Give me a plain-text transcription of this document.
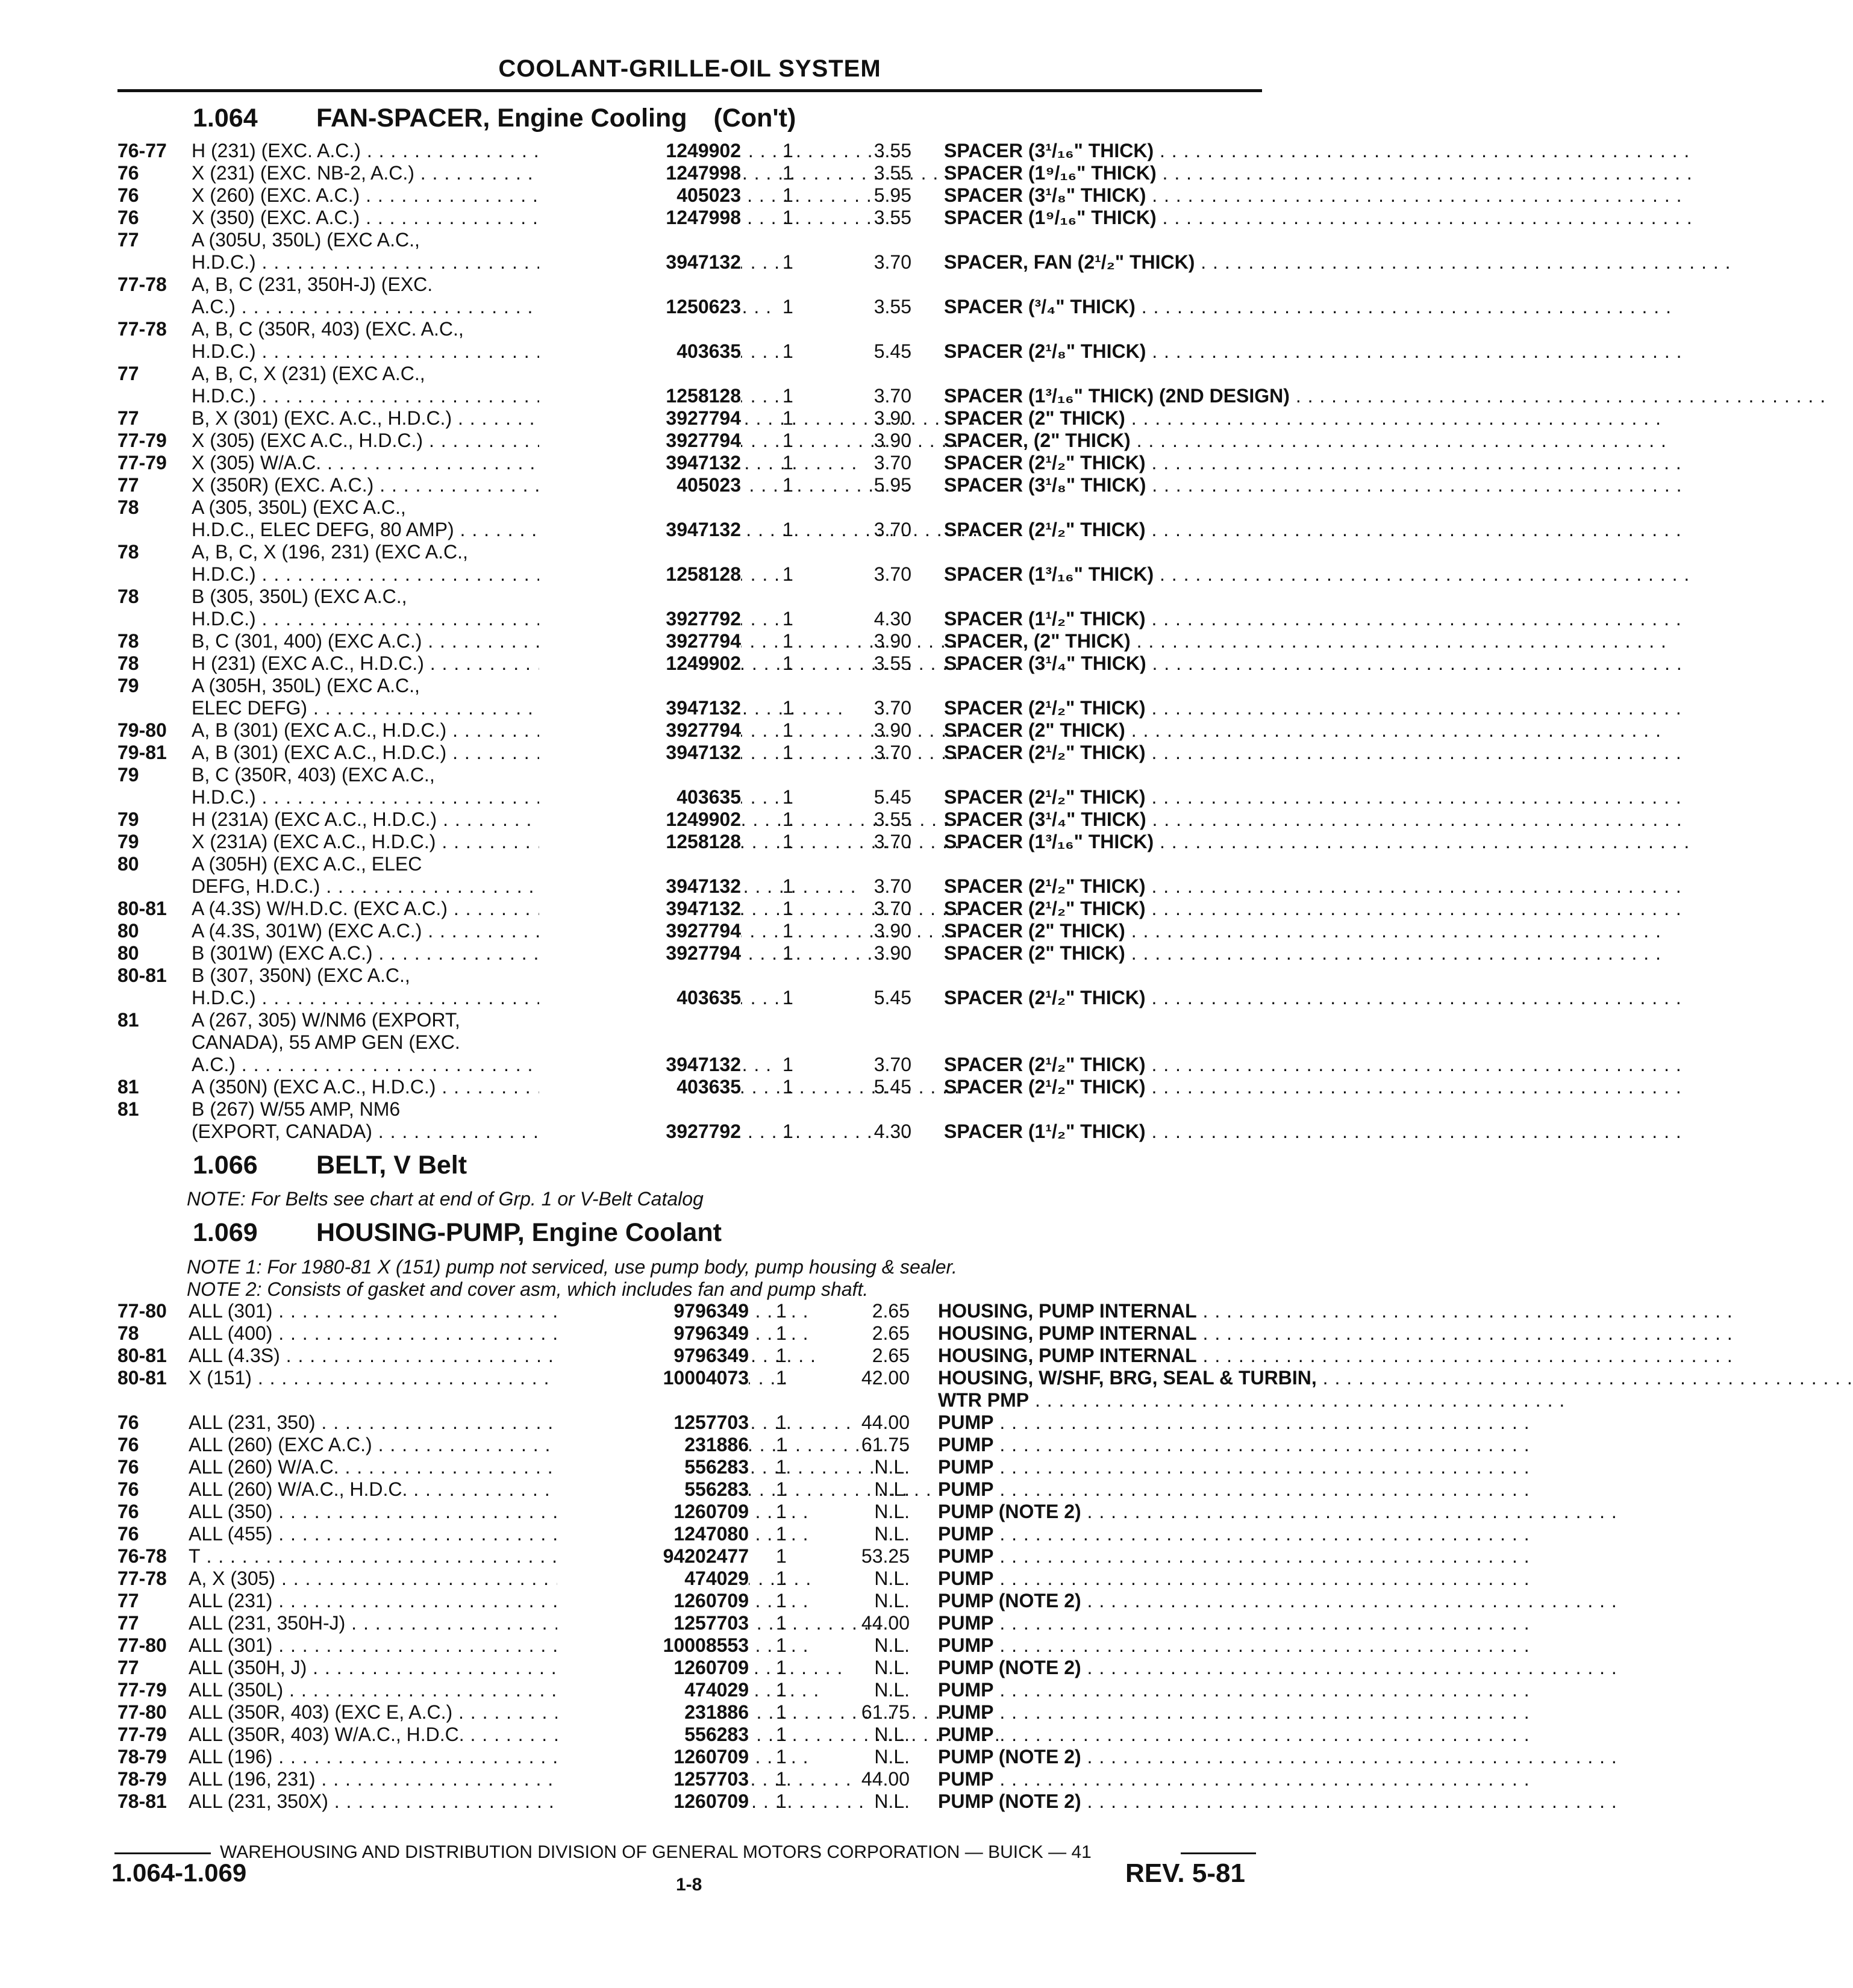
COOLANT-GRILLE-OIL SYSTEM
1.064 FAN-SPACER, Engine Cooling (Con't)
76-77 H (231) (EXC. A.C.) . . .	1249902 1	3.55 SPACER (3¹/₁₆" THICK) . . .
76	X (231) (EXC. NB-2, A.C.) . . .	1247998 1	3.55 SPACER (1⁹/₁₆" THICK) . . .
76	X (260) (EXC. A.C.) . . .	405023 1	5.95 SPACER (3¹/₈" THICK) . . .
76	X (350) (EXC. A.C.) . . .	1247998 1	3.55 SPACER (1⁹/₁₆" THICK) . . .
77	A (305U, 350L) (EXC A.C.,
H.D.C.) . . .	3947132 1	3.70 SPACER, FAN (2¹/₂" THICK) . . .
77-78 A, B, C (231, 350H-J) (EXC.
A.C.) . . .	1250623 1	3.55 SPACER (³/₄" THICK) . . .
77-78 A, B, C (350R, 403) (EXC. A.C.,
H.D.C.) . . .	403635 1	5.45 SPACER (2¹/₈" THICK) . . .
77	A, B, C, X (231) (EXC A.C.,
H.D.C.) . . .	1258128 1	3.70 SPACER (1³/₁₆" THICK) (2ND DESIGN) . . .
77	B, X (301) (EXC. A.C., H.D.C.) . . .	3927794 1	3.90 SPACER (2" THICK) . . .
77-79 X (305) (EXC A.C., H.D.C.) . . .	3927794 1	3.90 SPACER, (2" THICK) . . .
77-79 X (305) W/A.C. . . .	3947132 1	3.70 SPACER (2¹/₂" THICK) . . .
77	X (350R) (EXC. A.C.) . . .	405023 1	5.95 SPACER (3¹/₈" THICK) . . .
78	A (305, 350L) (EXC A.C.,
H.D.C., ELEC DEFG, 80 AMP) . . .	3947132 1	3.70 SPACER (2¹/₂" THICK) . . .
78	A, B, C, X (196, 231) (EXC A.C.,
H.D.C.) . . .	1258128 1	3.70 SPACER (1³/₁₆" THICK) . . .
78	B (305, 350L) (EXC A.C.,
H.D.C.) . . .	3927792 1	4.30 SPACER (1¹/₂" THICK) . . .
78	B, C (301, 400) (EXC A.C.) . . .	3927794 1	3.90 SPACER, (2" THICK) . . .
78	H (231) (EXC A.C., H.D.C.) . . .	1249902 1	3.55 SPACER (3¹/₄" THICK) . . .
79	A (305H, 350L) (EXC A.C.,
ELEC DEFG) . . .	3947132 1	3.70 SPACER (2¹/₂" THICK) . . .
79-80 A, B (301) (EXC A.C., H.D.C.) . . .	3927794 1	3.90 SPACER (2" THICK) . . .
79-81 A, B (301) (EXC A.C., H.D.C.) . . .	3947132 1	3.70 SPACER (2¹/₂" THICK) . . .
79	B, C (350R, 403) (EXC A.C.,
H.D.C.) . . .	403635 1	5.45 SPACER (2¹/₂" THICK) . . .
79	H (231A) (EXC A.C., H.D.C.) . . .	1249902 1	3.55 SPACER (3¹/₄" THICK) . . .
79	X (231A) (EXC A.C., H.D.C.) . . .	1258128 1	3.70 SPACER (1³/₁₆" THICK) . . .
80	A (305H) (EXC A.C., ELEC
DEFG, H.D.C.) . . .	3947132 1	3.70 SPACER (2¹/₂" THICK) . . .
80-81 A (4.3S) W/H.D.C. (EXC A.C.) . . .	3947132 1	3.70 SPACER (2¹/₂" THICK) . . .
80	A (4.3S, 301W) (EXC A.C.) . . .	3927794 1	3.90 SPACER (2" THICK) . . .
80	B (301W) (EXC A.C.) . . .	3927794 1	3.90 SPACER (2" THICK) . . .
80-81 B (307, 350N) (EXC A.C.,
H.D.C.) . . .	403635 1	5.45 SPACER (2¹/₂" THICK) . . .
81	A (267, 305) W/NM6 (EXPORT,
CANADA), 55 AMP GEN (EXC.
A.C.) . . .	3947132 1	3.70 SPACER (2¹/₂" THICK) . . .
81	A (350N) (EXC A.C., H.D.C.) . . .	403635 1	5.45 SPACER (2¹/₂" THICK) . . .
81	B (267) W/55 AMP, NM6
(EXPORT, CANADA) . . .	3927792 1	4.30 SPACER (1¹/₂" THICK) . . .
1.066 BELT, V Belt
NOTE: For Belts see chart at end of Grp. 1 or V-Belt Catalog
1.069 HOUSING-PUMP, Engine Coolant
NOTE 1: For 1980-81 X (151) pump not serviced, use pump body, pump housing & sealer.
NOTE 2: Consists of gasket and cover asm, which includes fan and pump shaft.
77-80 ALL (301) . . .	9796349 1	2.65 HOUSING, PUMP INTERNAL . . .
78	ALL (400) . . .	9796349 1	2.65 HOUSING, PUMP INTERNAL . . .
80-81 ALL (4.3S) . . .	9796349 1	2.65 HOUSING, PUMP INTERNAL . . .
80-81 X (151) . . .	10004073 1	42.00 HOUSING, W/SHF, BRG, SEAL & TURBIN, . . .
WTR PMP . . .
76	ALL (231, 350) . . .	1257703 1	44.00 PUMP . . .
76	ALL (260) (EXC A.C.) . . .	231886 1	61.75 PUMP . . .
76	ALL (260) W/A.C. . . .	556283 1	N.L. PUMP . . .
76	ALL (260) W/A.C., H.D.C. . . .	556283 1	N.L. PUMP . . .
76	ALL (350) . . .	1260709 1	N.L. PUMP (NOTE 2) . . .
76	ALL (455) . . .	1247080 1	N.L. PUMP . . .
76-78 T . . .	94202477 1	53.25 PUMP . . .
77-78 A, X (305) . . .	474029 1	N.L. PUMP . . .
77	ALL (231) . . .	1260709 1	N.L. PUMP (NOTE 2) . . .
77	ALL (231, 350H-J) . . .	1257703 1	44.00 PUMP . . .
77-80 ALL (301) . . .	10008553 1	N.L. PUMP . . .
77	ALL (350H, J) . . .	1260709 1	N.L. PUMP (NOTE 2) . . .
77-79 ALL (350L) . . .	474029 1	N.L. PUMP . . .
77-80 ALL (350R, 403) (EXC E, A.C.) . . .	231886 1	61.75 PUMP . . .
77-79 ALL (350R, 403) W/A.C., H.D.C. . . .	556283 1	N.L. PUMP . . .
78-79 ALL (196) . . .	1260709 1	N.L. PUMP (NOTE 2) . . .
78-79 ALL (196, 231) . . .	1257703 1	44.00 PUMP . . .
78-81 ALL (231, 350X) . . .	1260709 1	N.L. PUMP (NOTE 2) . . .
WAREHOUSING AND DISTRIBUTION DIVISION OF GENERAL MOTORS CORPORATION — BUICK — 41
1.064-1.069	1-8	REV. 5-81
